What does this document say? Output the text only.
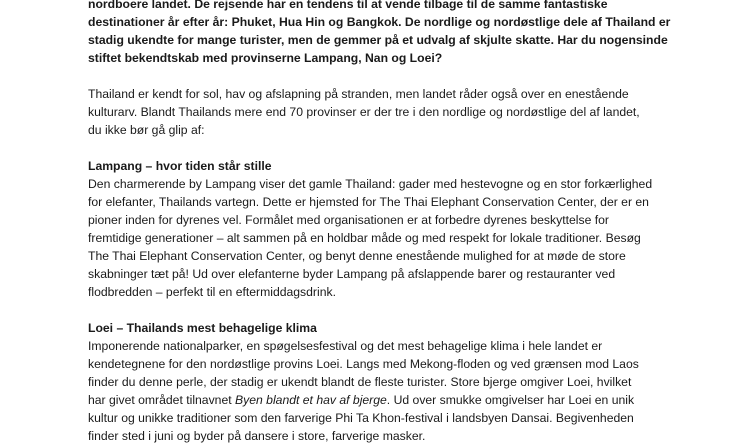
nordboere landet. De rejsende har en tendens til at vende tilbage til de samme fantastiske
destinationer år efter år: Phuket, Hua Hin og Bangkok. De nordlige og nordøstlige dele af Thailand er
stadig ukendte for mange turister, men de gemmer på et udvalg af skjulte skatte. Har du nogensinde
stiftet bekendtskab med provinserne Lampang, Nan og Loei?

Thailand er kendt for sol, hav og afslapning på stranden, men landet råder også over en enestående
kulturarv. Blandt Thailands mere end 70 provinser er der tre i den nordlige og nordøstlige del af landet,
du ikke bør gå glip af:

Lampang – hvor tiden står stille

Den charmerende by Lampang viser det gamle Thailand: gader med hestevogne og en stor forkærlighed
for elefanter, Thailands vartegn. Dette er hjemsted for The Thai Elephant Conservation Center, der er en
pioner inden for dyrenes vel. Formålet med organisationen er at forbedre dyrenes beskyttelse for
fremtidige generationer – alt sammen på en holdbar måde og med respekt for lokale traditioner. Besøg
The Thai Elephant Conservation Center, og benyt denne enestående mulighed for at møde de store
skabninger tæt på! Ud over elefanterne byder Lampang på afslappende barer og restauranter ved
flodbredden – perfekt til en eftermiddagsdrink.

Loei – Thailands mest behagelige klima

Imponerende nationalparker, en spøgelsesfestival og det mest behagelige klima i hele landet er
kendetegnene for den nordøstlige provins Loei. Langs med Mekong-floden og ved grænsen mod Laos
finder du denne perle, der stadig er ukendt blandt de fleste turister. Store bjerge omgiver Loei, hvilket
har givet området tilnavnet Byen blandt et hav af bjerge. Ud over smukke omgivelser har Loei en unik
kultur og unikke traditioner som den farverige Phi Ta Khon-festival i landsbyen Dansai. Begivenheden
finder sted i juni og byder på dansere i store, farverige masker.
